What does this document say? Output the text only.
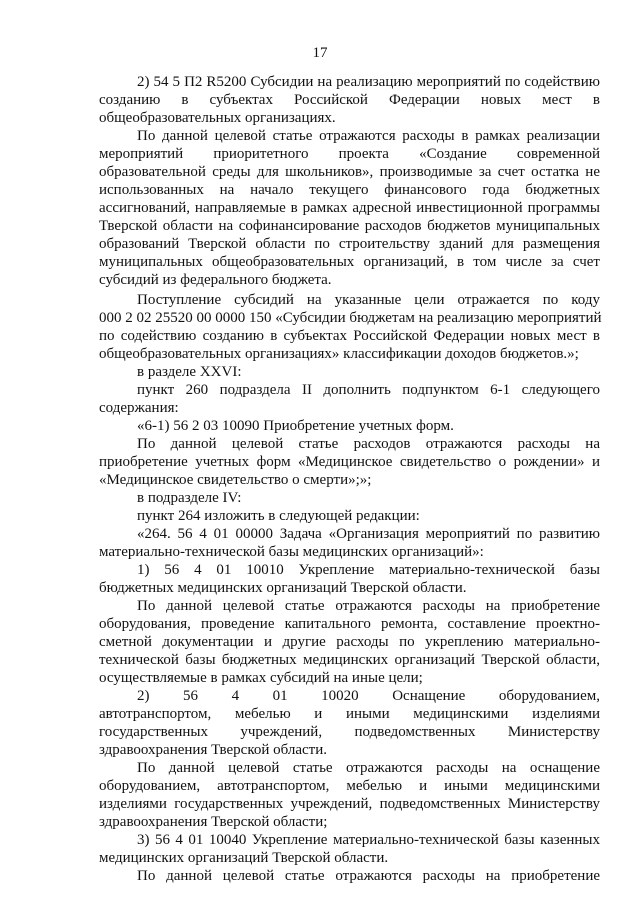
17
2) 54 5 П2 R5200 Субсидии на реализацию мероприятий по содействию
созданию в субъектах Российской Федерации новых мест в
общеобразовательных организациях.
По данной целевой статье отражаются расходы в рамках реализации
мероприятий приоритетного проекта «Создание современной
образовательной среды для школьников», производимые за счет остатка не
использованных на начало текущего финансового года бюджетных
ассигнований, направляемые в рамках адресной инвестиционной программы
Тверской области на софинансирование расходов бюджетов муниципальных
образований Тверской области по строительству зданий для размещения
муниципальных общеобразовательных организаций, в том числе за счет
субсидий из федерального бюджета.
Поступление субсидий на указанные цели отражается по коду
000 2 02 25520 00 0000 150 «Субсидии бюджетам на реализацию мероприятий
по содействию созданию в субъектах Российской Федерации новых мест в
общеобразовательных организациях» классификации доходов бюджетов.»;
в разделе XXVI:
пункт 260 подраздела II дополнить подпунктом 6-1 следующего
содержания:
«6-1) 56 2 03 10090 Приобретение учетных форм.
По данной целевой статье расходов отражаются расходы на
приобретение учетных форм «Медицинское свидетельство о рождении» и
«Медицинское свидетельство о смерти»;»;
в подразделе IV:
пункт 264 изложить в следующей редакции:
«264. 56 4 01 00000 Задача «Организация мероприятий по развитию
материально-технической базы медицинских организаций»:
1) 56 4 01 10010 Укрепление материально-технической базы
бюджетных медицинских организаций Тверской области.
По данной целевой статье отражаются расходы на приобретение
оборудования, проведение капитального ремонта, составление проектно-
сметной документации и другие расходы по укреплению материально-
технической базы бюджетных медицинских организаций Тверской области,
осуществляемые в рамках субсидий на иные цели;
2) 56 4 01 10020 Оснащение оборудованием,
автотранспортом, мебелью и иными медицинскими изделиями
государственных учреждений, подведомственных Министерству
здравоохранения Тверской области.
По данной целевой статье отражаются расходы на оснащение
оборудованием, автотранспортом, мебелью и иными медицинскими
изделиями государственных учреждений, подведомственных Министерству
здравоохранения Тверской области;
3) 56 4 01 10040 Укрепление материально-технической базы казенных
медицинских организаций Тверской области.
По данной целевой статье отражаются расходы на приобретение
